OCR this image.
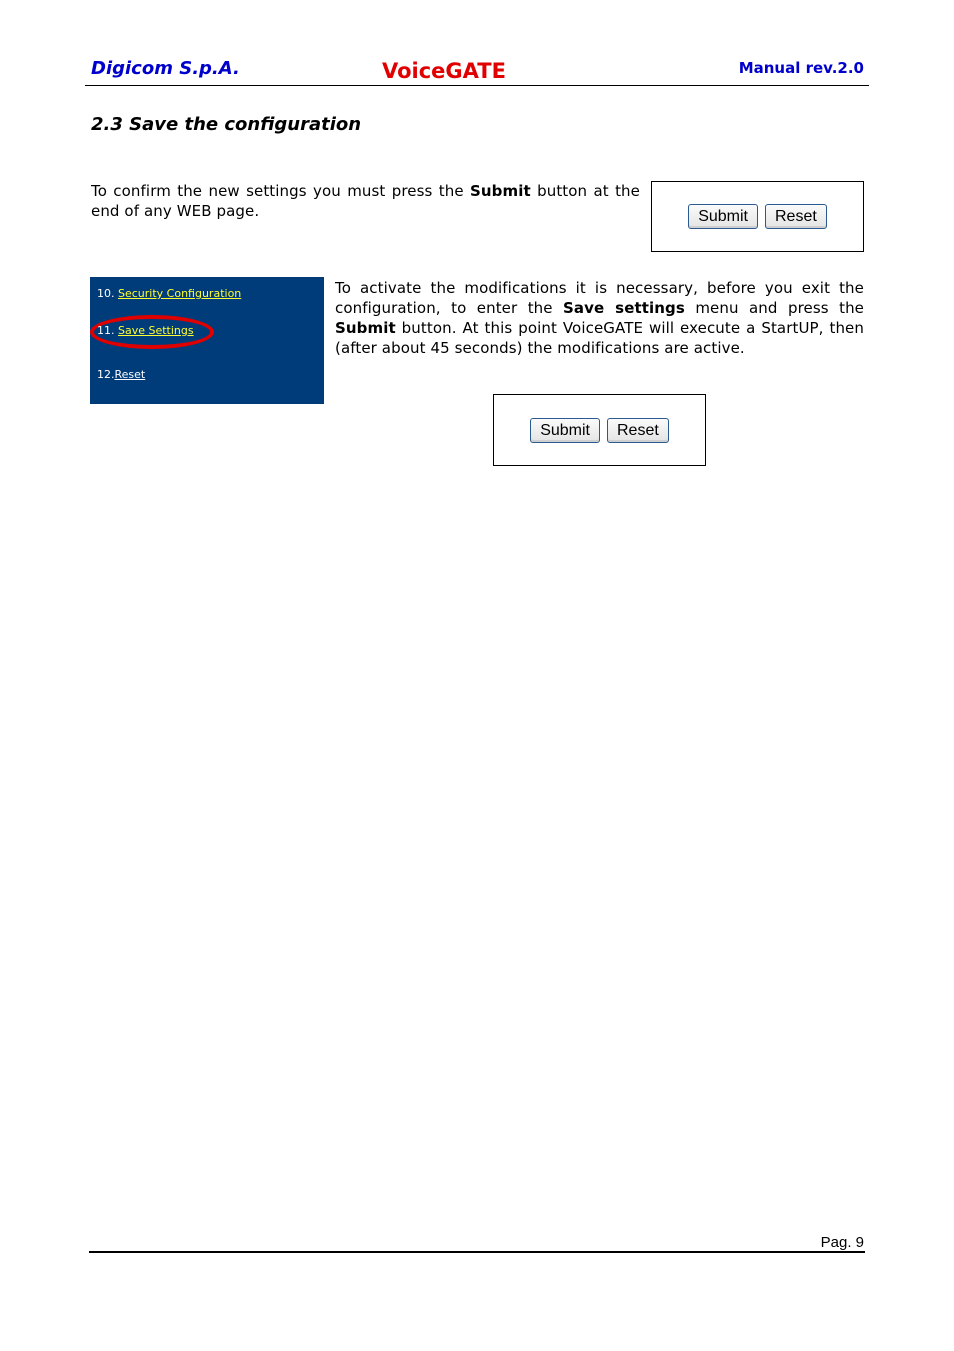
Digicom S.p.A.	VoiceGATE	Manual rev.2.0
2.3 Save the configuration
To confirm the new settings you must press the Submit button at the end of any WEB page.	Submit	Reset
10. Security Configuration
11. Save Settings
12.Reset
To activate the modifications it is necessary, before you exit the configuration, to enter the Save settings menu and press the Submit button. At this point VoiceGATE will execute a StartUP, then (after about 45 seconds) the modifications are active.
Submit	Reset
Pag. 9
